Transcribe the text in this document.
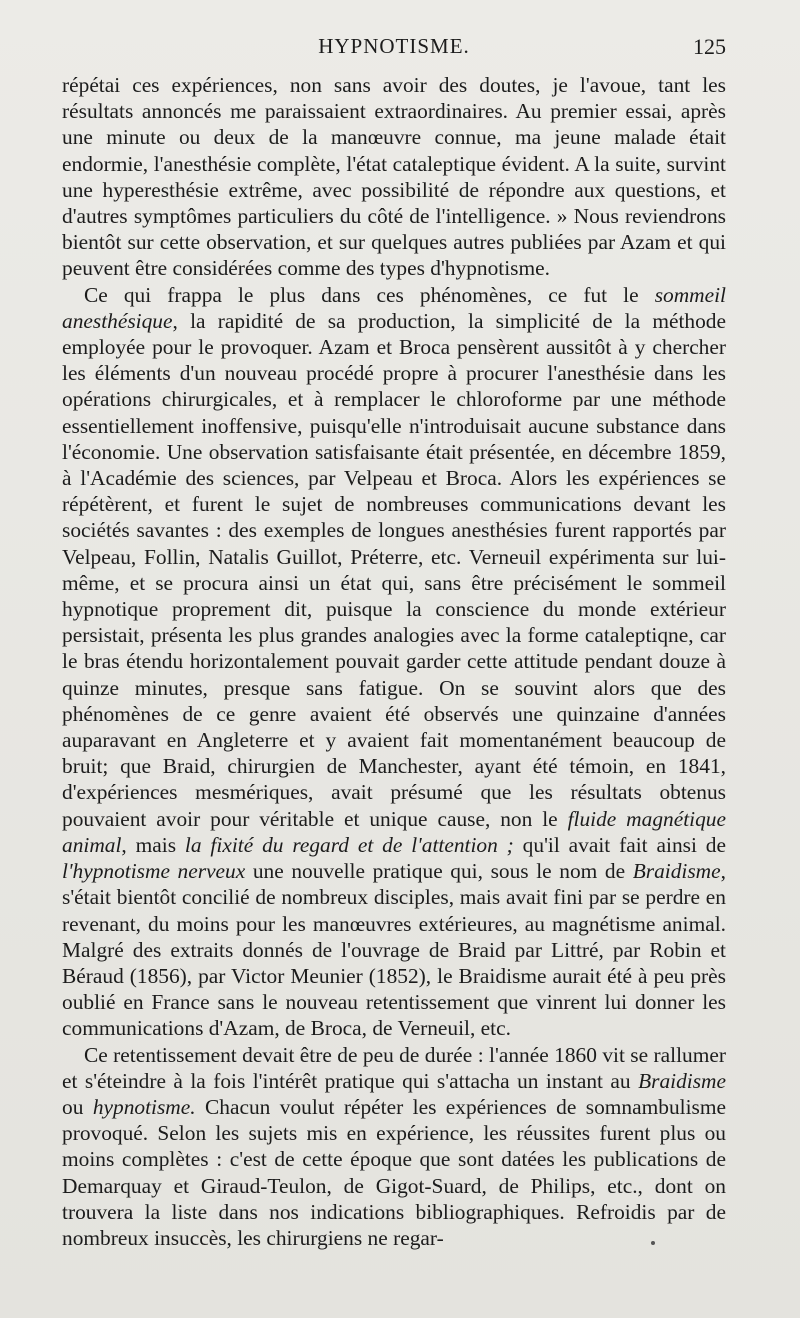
HYPNOTISME.	125

répétai ces expériences, non sans avoir des doutes, je l'avoue, tant les résultats annoncés me paraissaient extraordinaires. Au premier essai, après une minute ou deux de la manœuvre connue, ma jeune malade était endormie, l'anesthésie complète, l'état cataleptique évident. A la suite, survint une hyperesthésie extrême, avec possibilité de répondre aux questions, et d'autres symptômes particuliers du côté de l'intelligence. » Nous reviendrons bientôt sur cette observation, et sur quelques autres publiées par Azam et qui peuvent être considérées comme des types d'hypnotisme.

Ce qui frappa le plus dans ces phénomènes, ce fut le sommeil anesthésique, la rapidité de sa production, la simplicité de la méthode employée pour le provoquer. Azam et Broca pensèrent aussitôt à y chercher les éléments d'un nouveau procédé propre à procurer l'anesthésie dans les opérations chirurgicales, et à remplacer le chloroforme par une méthode essentiellement inoffensive, puisqu'elle n'introduisait aucune substance dans l'économie. Une observation satisfaisante était présentée, en décembre 1859, à l'Académie des sciences, par Velpeau et Broca. Alors les expériences se répétèrent, et furent le sujet de nombreuses communications devant les sociétés savantes : des exemples de longues anesthésies furent rapportés par Velpeau, Follin, Natalis Guillot, Préterre, etc. Verneuil expérimenta sur lui-même, et se procura ainsi un état qui, sans être précisément le sommeil hypnotique proprement dit, puisque la conscience du monde extérieur persistait, présenta les plus grandes analogies avec la forme cataleptiqne, car le bras étendu horizontalement pouvait garder cette attitude pendant douze à quinze minutes, presque sans fatigue. On se souvint alors que des phénomènes de ce genre avaient été observés une quinzaine d'années auparavant en Angleterre et y avaient fait momentanément beaucoup de bruit; que Braid, chirurgien de Manchester, ayant été témoin, en 1841, d'expériences mesmériques, avait présumé que les résultats obtenus pouvaient avoir pour véritable et unique cause, non le fluide magnétique animal, mais la fixité du regard et de l'attention ; qu'il avait fait ainsi de l'hypnotisme nerveux une nouvelle pratique qui, sous le nom de Braidisme, s'était bientôt concilié de nombreux disciples, mais avait fini par se perdre en revenant, du moins pour les manœuvres extérieures, au magnétisme animal. Malgré des extraits donnés de l'ouvrage de Braid par Littré, par Robin et Béraud (1856), par Victor Meunier (1852), le Braidisme aurait été à peu près oublié en France sans le nouveau retentissement que vinrent lui donner les communications d'Azam, de Broca, de Verneuil, etc.

Ce retentissement devait être de peu de durée : l'année 1860 vit se rallumer et s'éteindre à la fois l'intérêt pratique qui s'attacha un instant au Braidisme ou hypnotisme. Chacun voulut répéter les expériences de somnambulisme provoqué. Selon les sujets mis en expérience, les réussites furent plus ou moins complètes : c'est de cette époque que sont datées les publications de Demarquay et Giraud-Teulon, de Gigot-Suard, de Philips, etc., dont on trouvera la liste dans nos indications bibliographiques. Refroidis par de nombreux insuccès, les chirurgiens ne regar-
